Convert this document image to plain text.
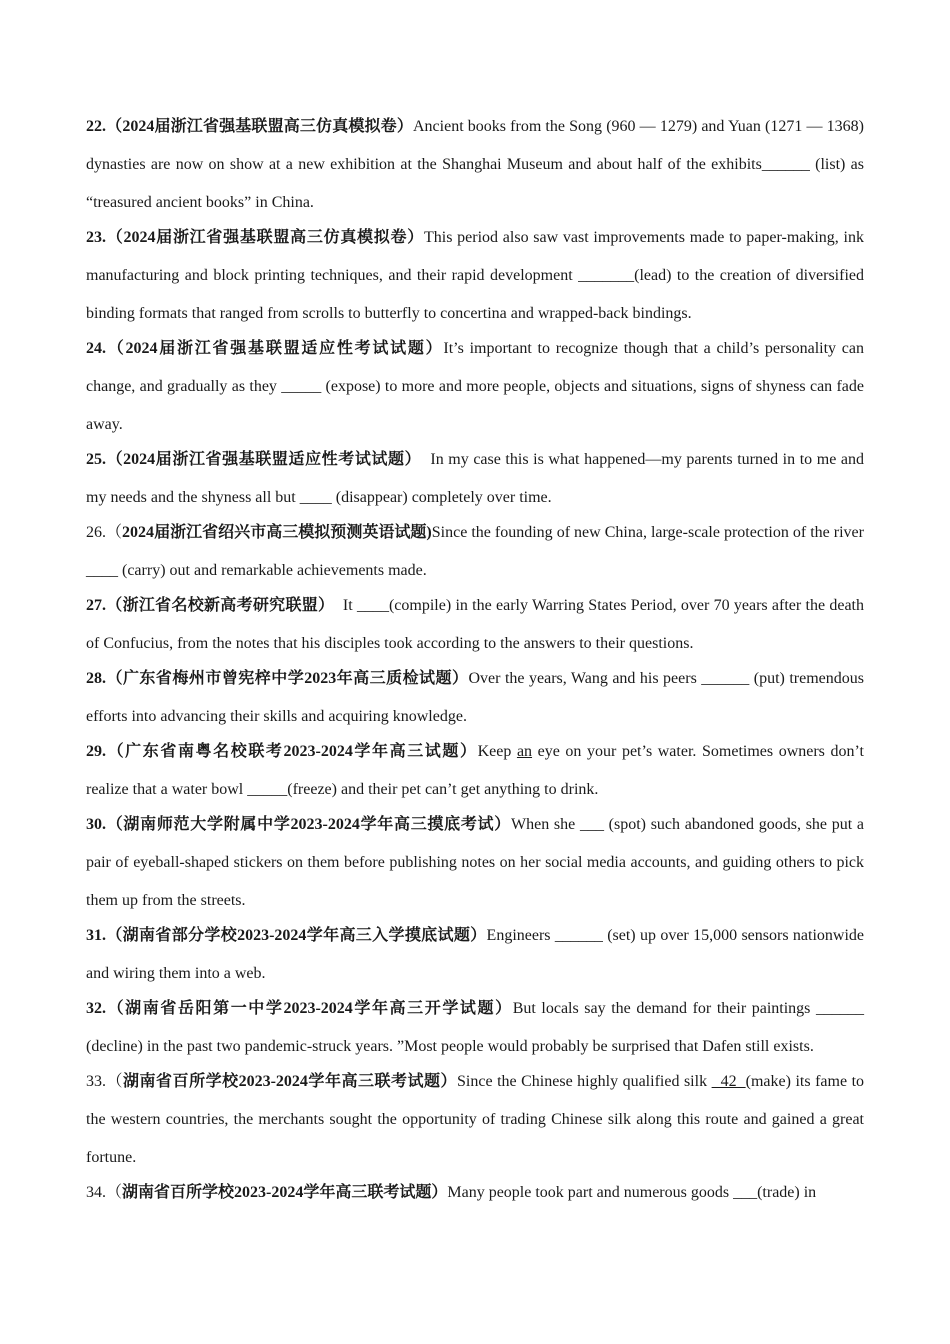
22.（2024届浙江省强基联盟高三仿真模拟卷）Ancient books from the Song (960 — 1279) and Yuan (1271 — 1368) dynasties are now on show at a new exhibition at the Shanghai Museum and about half of the exhibits______ (list) as “treasured ancient books” in China.

23.（2024届浙江省强基联盟高三仿真模拟卷）This period also saw vast improvements made to paper-making, ink manufacturing and block printing techniques, and their rapid development _______(lead) to the creation of diversified binding formats that ranged from scrolls to butterfly to concertina and wrapped-back bindings.

24.（2024届浙江省强基联盟适应性考试试题）It’s important to recognize though that a child’s personality can change, and gradually as they _____ (expose) to more and more people, objects and situations, signs of shyness can fade away.

25.（2024届浙江省强基联盟适应性考试试题）  In my case this is what happened—my parents turned in to me and my needs and the shyness all but ____ (disappear) completely over time.

26.（2024届浙江省绍兴市高三模拟预测英语试题)Since the founding of new China, large-scale protection of the river ____ (carry) out and remarkable achievements made.

27.（浙江省名校新高考研究联盟）  It ____(compile) in the early Warring States Period, over 70 years after the death of Confucius, from the notes that his disciples took according to the answers to their questions.

28.（广东省梅州市曾宪梓中学2023年高三质检试题）Over the years, Wang and his peers ______ (put) tremendous efforts into advancing their skills and acquiring knowledge.

29.（广东省南粤名校联考2023-2024学年高三试题）Keep an eye on your pet’s water. Sometimes owners don’t realize that a water bowl _____(freeze) and their pet can’t get anything to drink.

30.（湖南师范大学附属中学2023-2024学年高三摸底考试）When she ___ (spot) such abandoned goods, she put a pair of eyeball-shaped stickers on them before publishing notes on her social media accounts, and guiding others to pick them up from the streets.

31.（湖南省部分学校2023-2024学年高三入学摸底试题）Engineers ______ (set) up over 15,000 sensors nationwide and wiring them into a web.

32.（湖南省岳阳第一中学2023-2024学年高三开学试题）But locals say the demand for their paintings ______ (decline) in the past two pandemic-struck years. ”Most people would probably be surprised that Dafen still exists.

33.（湖南省百所学校2023-2024学年高三联考试题）Since the Chinese highly qualified silk   42  (make) its fame to the western countries, the merchants sought the opportunity of trading Chinese silk along this route and gained a great fortune.

34.（湖南省百所学校2023-2024学年高三联考试题）Many people took part and numerous goods ___(trade) in
